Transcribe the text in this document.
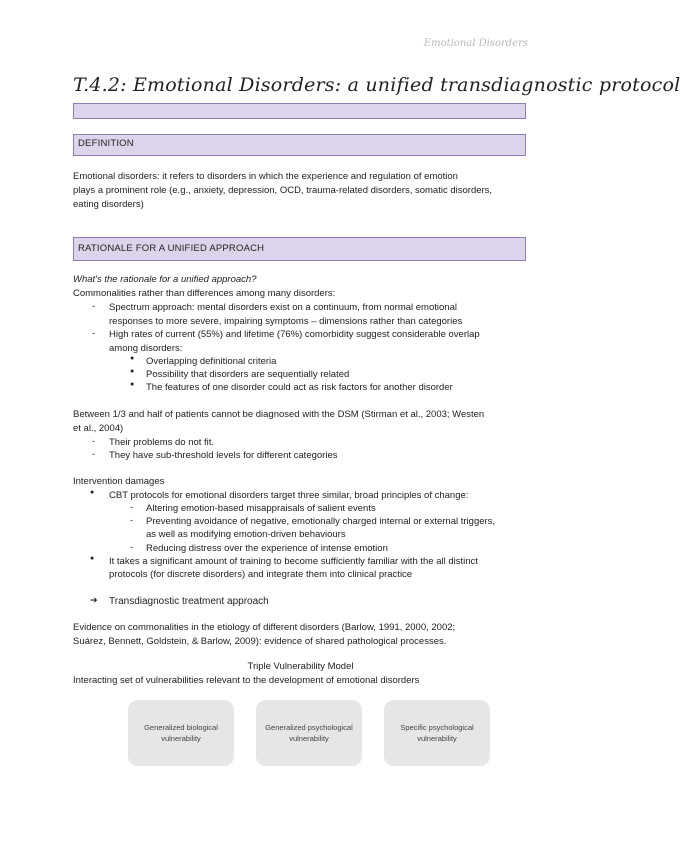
Emotional Disorders
T.4.2: Emotional Disorders: a unified transdiagnostic protocol
DEFINITION
Emotional disorders: it refers to disorders in which the experience and regulation of emotion
plays a prominent role (e.g., anxiety, depression, OCD, trauma-related disorders, somatic disorders,
eating disorders)
RATIONALE FOR A UNIFIED APPROACH
What's the rationale for a unified approach?
Commonalities rather than differences among many disorders:
- Spectrum approach: mental disorders exist on a continuum, from normal emotional
responses to more severe, impairing symptoms – dimensions rather than categories
- High rates of current (55%) and lifetime (76%) comorbidity suggest considerable overlap
among disorders:
● Overlapping definitional criteria
● Possibility that disorders are sequentially related
● The features of one disorder could act as risk factors for another disorder
Between 1/3 and half of patients cannot be diagnosed with the DSM (Stirman et al., 2003; Westen
et al., 2004)
- Their problems do not fit.
- They have sub-threshold levels for different categories
Intervention damages
● CBT protocols for emotional disorders target three similar, broad principles of change:
- Altering emotion-based misappraisals of salient events
- Preventing avoidance of negative, emotionally charged internal or external triggers,
as well as modifying emotion-driven behaviours
- Reducing distress over the experience of intense emotion
● It takes a significant amount of training to become sufficiently familiar with the all distinct
protocols (for discrete disorders) and integrate them into clinical practice
➔ Transdiagnostic treatment approach
Evidence on commonalities in the etiology of different disorders (Barlow, 1991, 2000, 2002;
Suárez, Bennett, Goldstein, & Barlow, 2009): evidence of shared pathological processes.
Triple Vulnerability Model
Interacting set of vulnerabilities relevant to the development of emotional disorders
Generalized biological
vulnerability
Generalized psychological
vulnerability
Specific psychological
vulnerability
